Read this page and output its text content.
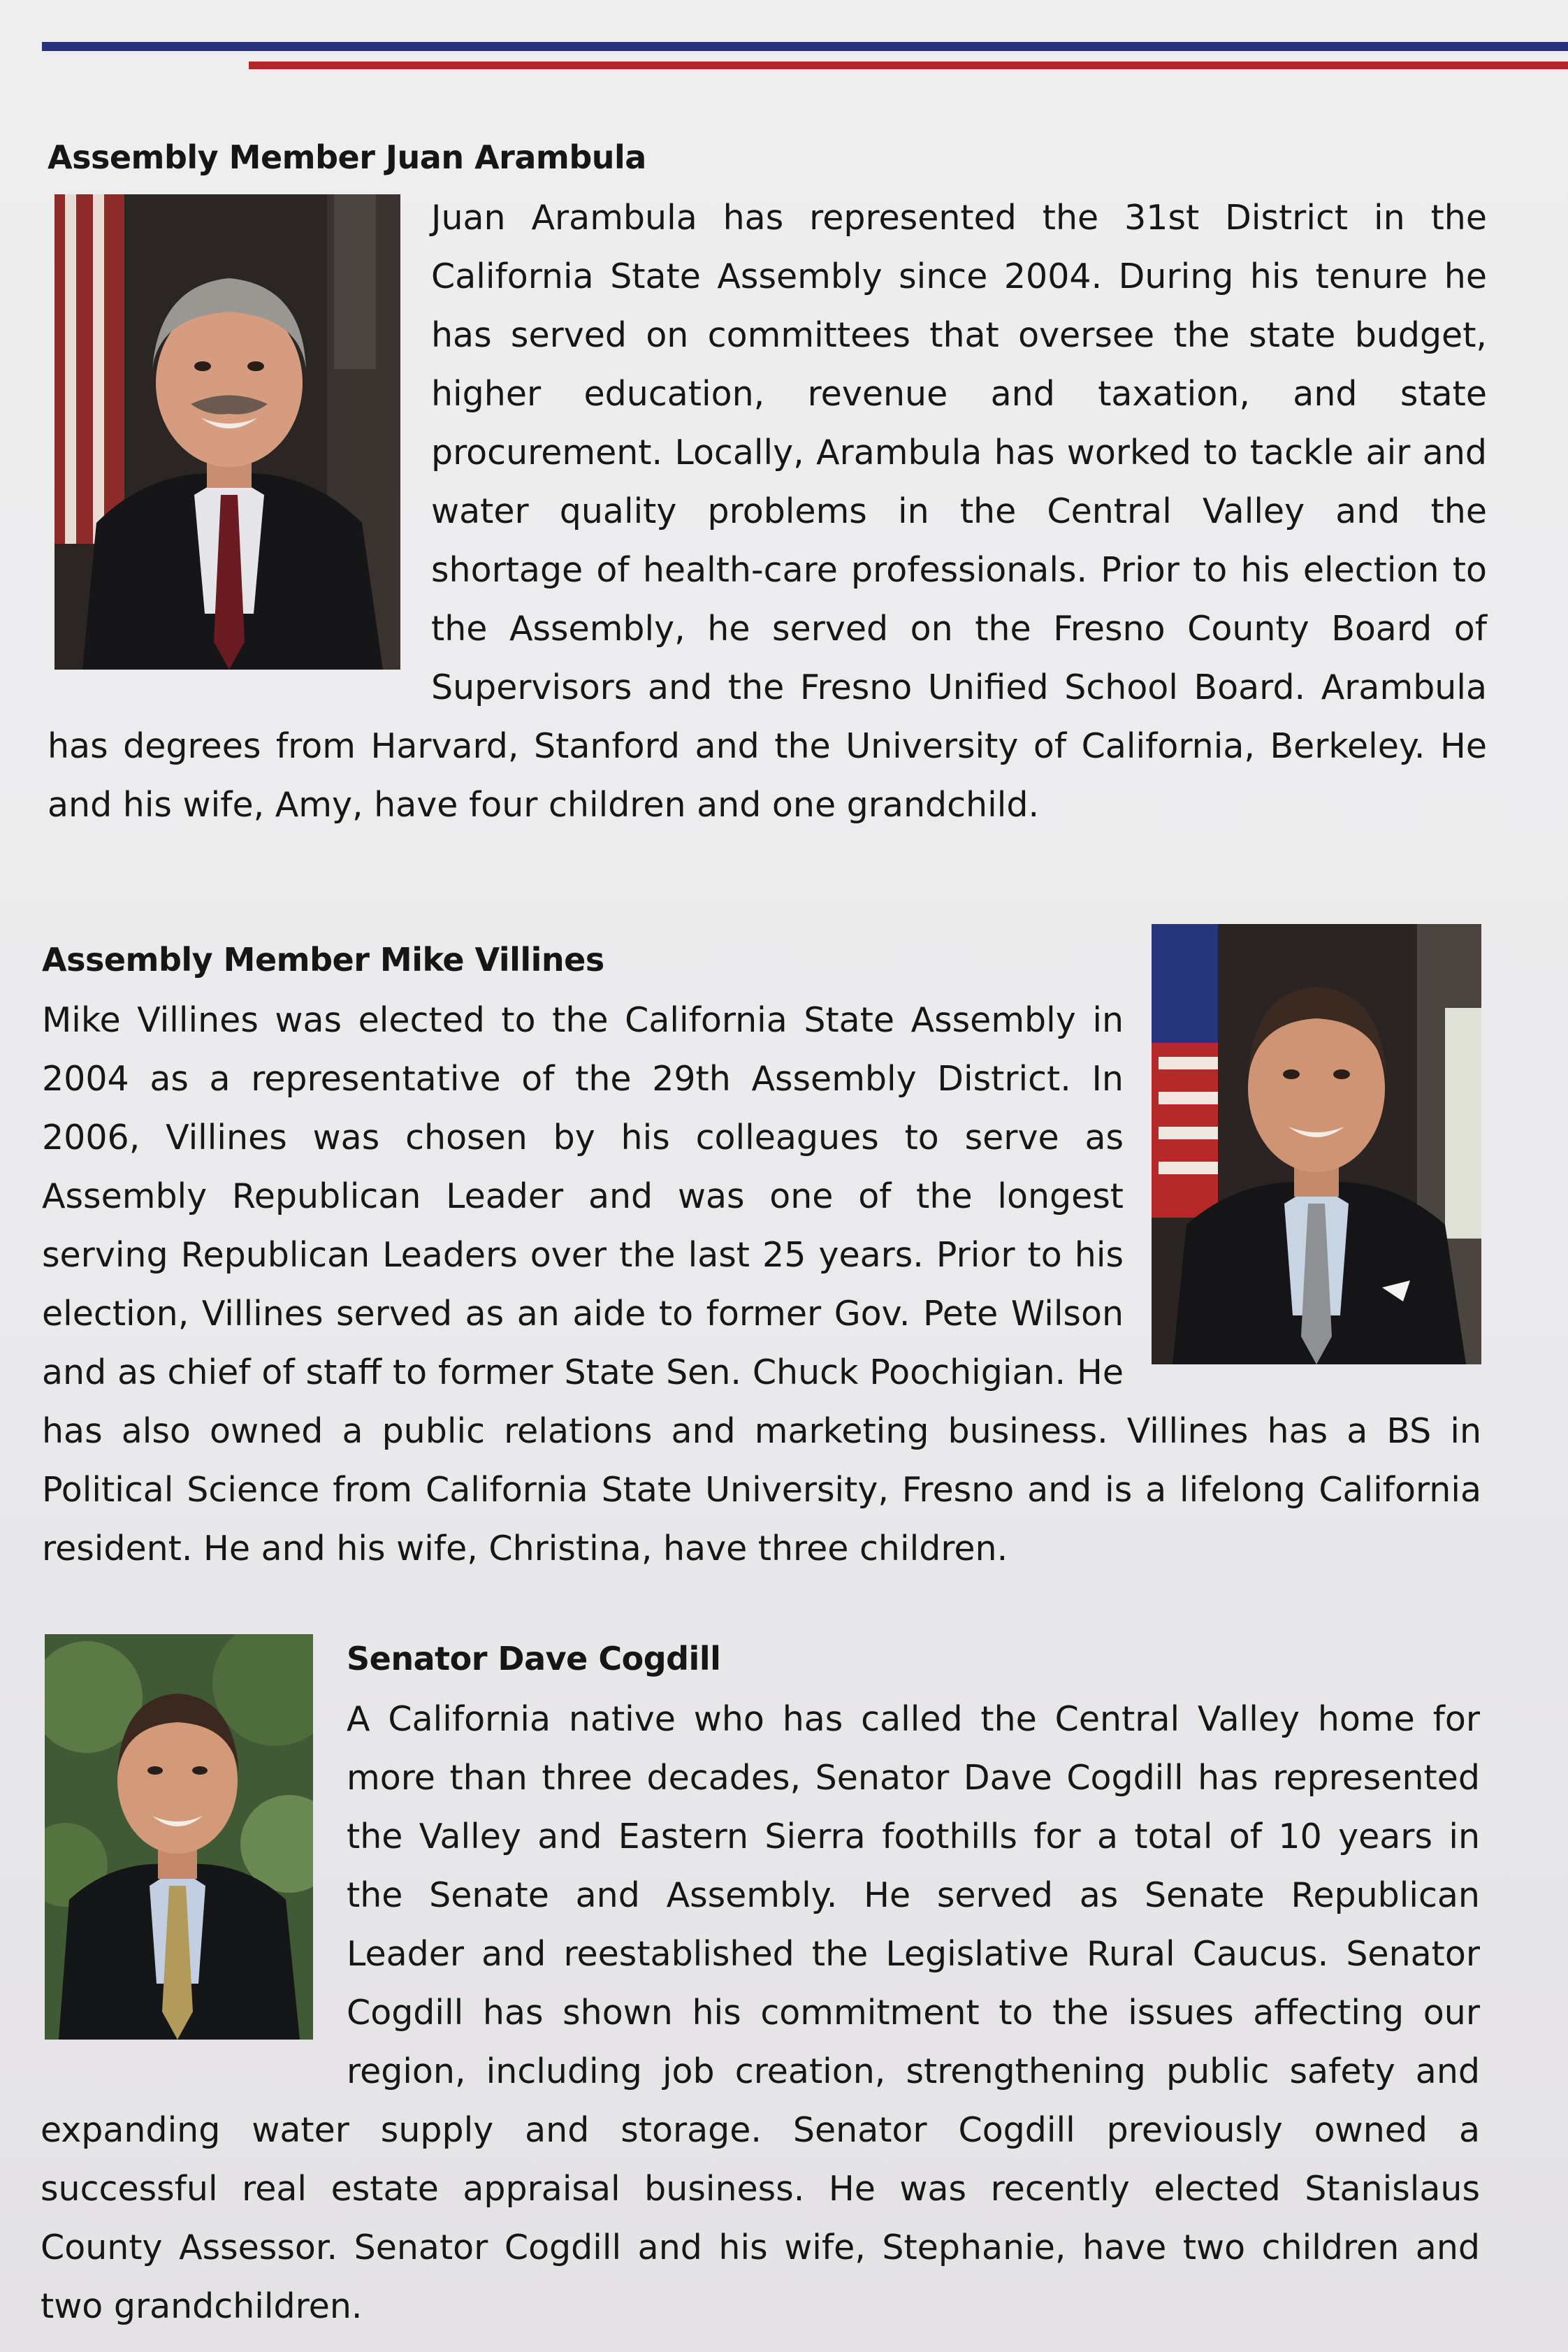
Assembly Member Juan Arambula

Juan Arambula has represented the 31st District in the California State Assembly since 2004. During his tenure he has served on committees that oversee the state budget, higher education, revenue and taxation, and state procurement. Locally, Arambula has worked to tackle air and water quality problems in the Central Valley and the shortage of health-care professionals. Prior to his election to the Assembly, he served on the Fresno County Board of Supervisors and the Fresno Unified School Board. Arambula has degrees from Harvard, Stanford and the University of California, Berkeley. He and his wife, Amy, have four children and one grandchild.

Assembly Member Mike Villines

Mike Villines was elected to the California State Assembly in 2004 as a representative of the 29th Assembly District. In 2006, Villines was chosen by his colleagues to serve as Assembly Republican Leader and was one of the longest serving Republican Leaders over the last 25 years. Prior to his election, Villines served as an aide to former Gov. Pete Wilson and as chief of staff to former State Sen. Chuck Poochigian. He has also owned a public relations and marketing business. Villines has a BS in Political Science from California State University, Fresno and is a lifelong California resident. He and his wife, Christina, have three children.

Senator Dave Cogdill

A California native who has called the Central Valley home for more than three decades, Senator Dave Cogdill has represented the Valley and Eastern Sierra foothills for a total of 10 years in the Senate and Assembly. He served as Senate Republican Leader and reestablished the Legislative Rural Caucus. Senator Cogdill has shown his commitment to the issues affecting our region, including job creation, strengthening public safety and expanding water supply and storage. Senator Cogdill previously owned a successful real estate appraisal business. He was recently elected Stanislaus County Assessor. Senator Cogdill and his wife, Stephanie, have two children and two grandchildren.
